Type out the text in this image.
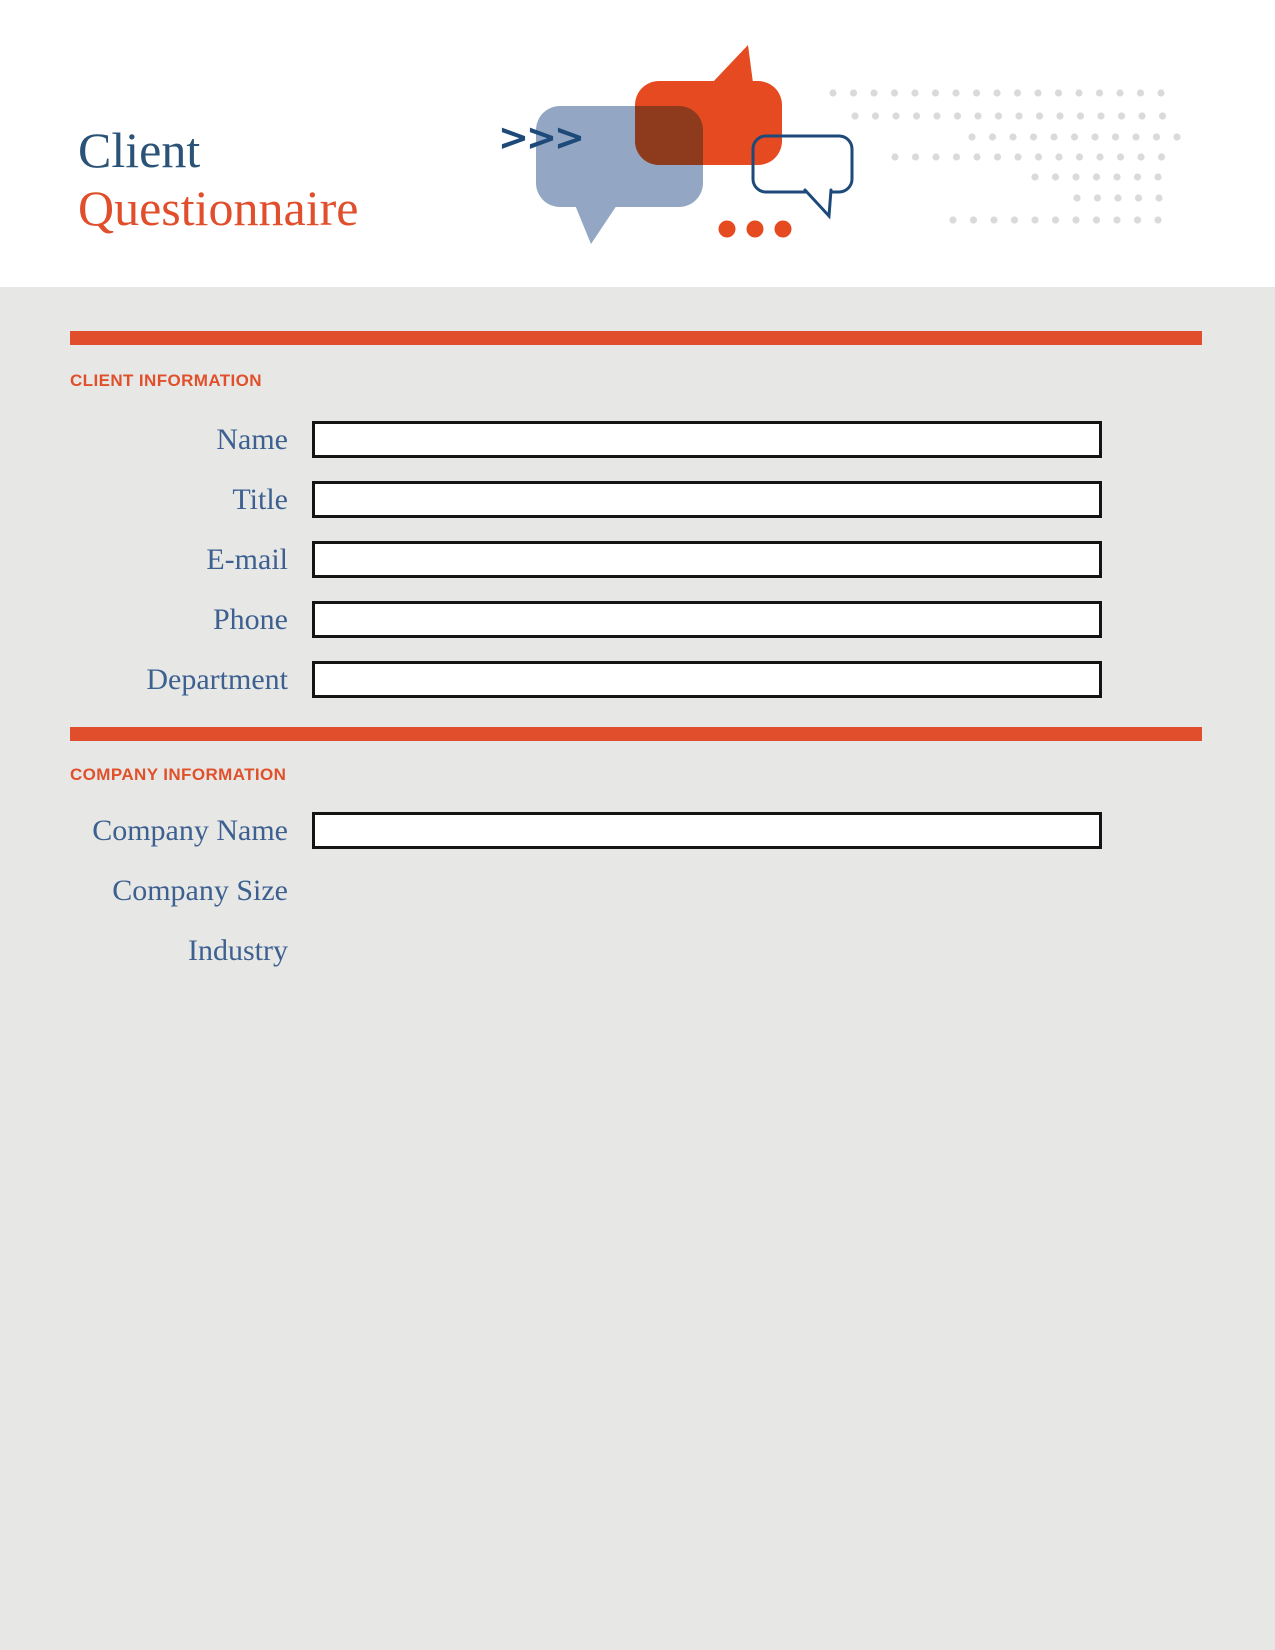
Client
Questionnaire
>>>
CLIENT INFORMATION
Name
Title
E-mail
Phone
Department
COMPANY INFORMATION
Company Name
Company Size
Industry
